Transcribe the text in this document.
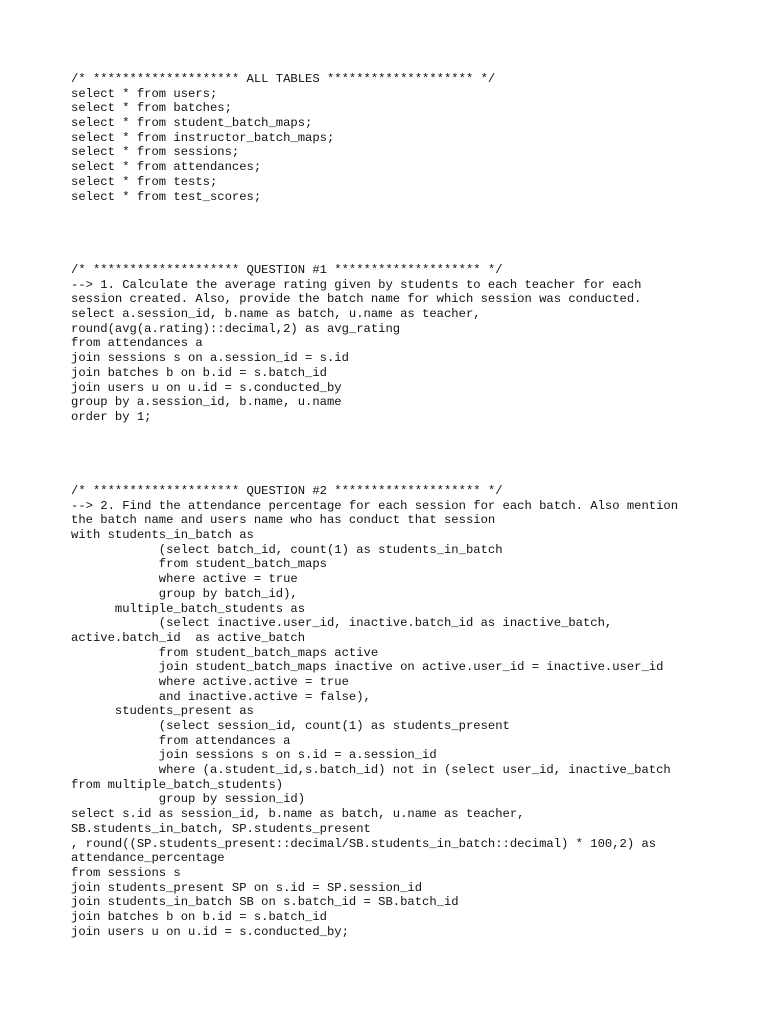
/* ******************** ALL TABLES ******************** */
select * from users;
select * from batches;
select * from student_batch_maps;
select * from instructor_batch_maps;
select * from sessions;
select * from attendances;
select * from tests;
select * from test_scores;
/* ******************** QUESTION #1 ******************** */
--> 1. Calculate the average rating given by students to each teacher for each
session created. Also, provide the batch name for which session was conducted.
select a.session_id, b.name as batch, u.name as teacher,
round(avg(a.rating)::decimal,2) as avg_rating
from attendances a
join sessions s on a.session_id = s.id
join batches b on b.id = s.batch_id
join users u on u.id = s.conducted_by
group by a.session_id, b.name, u.name
order by 1;
/* ******************** QUESTION #2 ******************** */
--> 2. Find the attendance percentage for each session for each batch. Also mention
the batch name and users name who has conduct that session
with students_in_batch as
(select batch_id, count(1) as students_in_batch
from student_batch_maps
where active = true
group by batch_id),
multiple_batch_students as
(select inactive.user_id, inactive.batch_id as inactive_batch,
active.batch_id  as active_batch
from student_batch_maps active
join student_batch_maps inactive on active.user_id = inactive.user_id
where active.active = true
and inactive.active = false),
students_present as
(select session_id, count(1) as students_present
from attendances a
join sessions s on s.id = a.session_id
where (a.student_id,s.batch_id) not in (select user_id, inactive_batch
from multiple_batch_students)
group by session_id)
select s.id as session_id, b.name as batch, u.name as teacher,
SB.students_in_batch, SP.students_present
, round((SP.students_present::decimal/SB.students_in_batch::decimal) * 100,2) as
attendance_percentage
from sessions s
join students_present SP on s.id = SP.session_id
join students_in_batch SB on s.batch_id = SB.batch_id
join batches b on b.id = s.batch_id
join users u on u.id = s.conducted_by;
